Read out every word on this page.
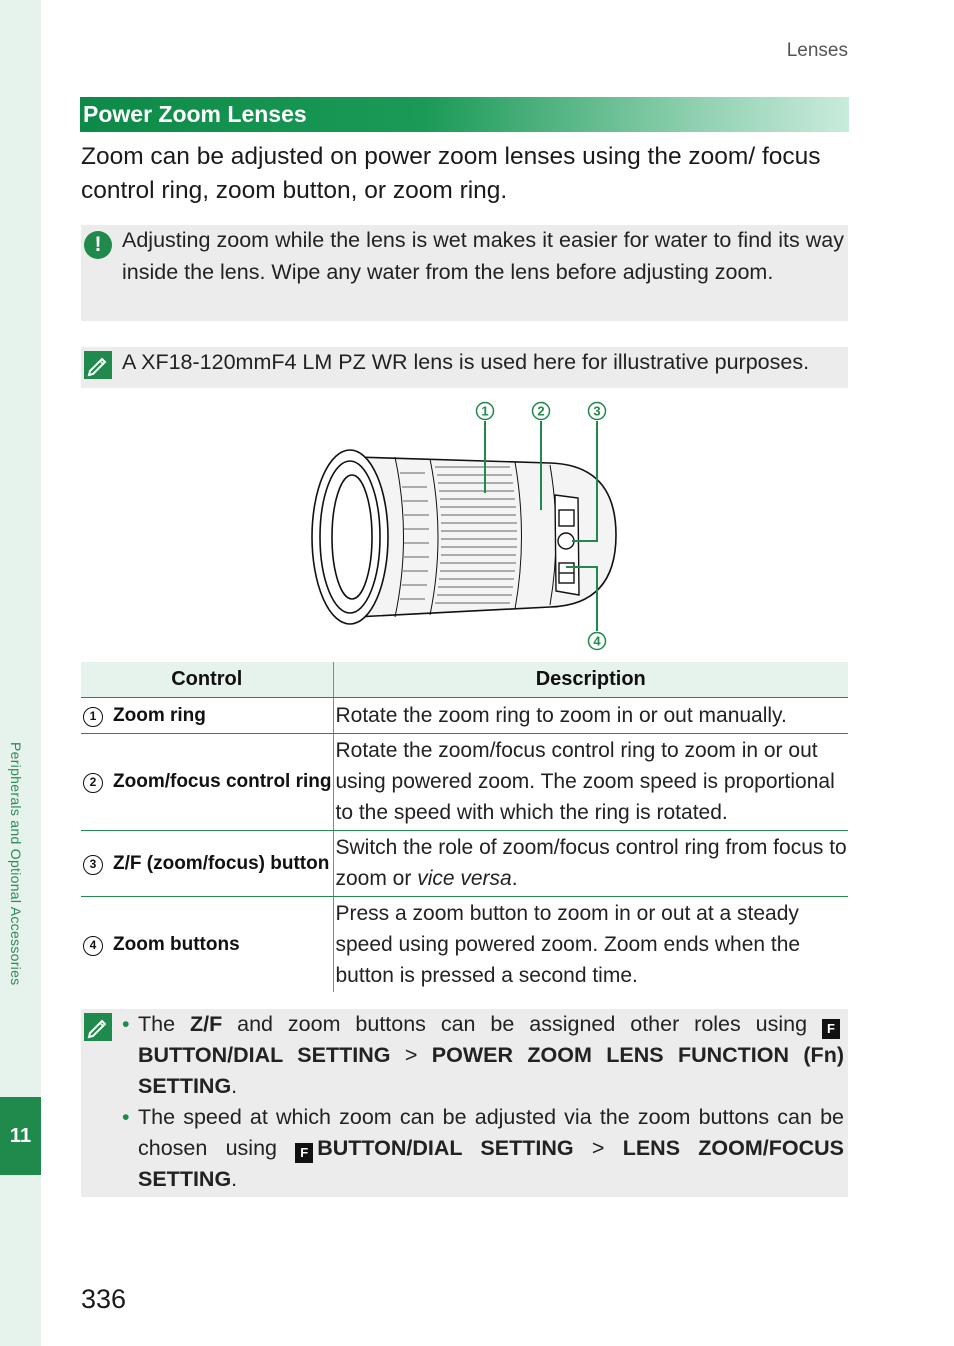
Peripherals and Optional Accessories
11
Lenses
Power Zoom Lenses

Zoom can be adjusted on power zoom lenses using the zoom/ focus control ring, zoom button, or zoom ring.

! Adjusting zoom while the lens is wet makes it easier for water to find its way inside the lens. Wipe any water from the lens before adjusting zoom.

A XF18-120mmF4 LM PZ WR lens is used here for illustrative purposes.

1	2	3
4
Control	Description
1 Zoom ring	Rotate the zoom ring to zoom in or out manually.
2 Zoom/focus control ring	Rotate the zoom/focus control ring to zoom in or out using powered zoom. The zoom speed is proportional to the speed with which the ring is rotated.
3 Z/F (zoom/focus) button	Switch the role of zoom/focus control ring from focus to zoom or vice versa.
4 Zoom buttons	Press a zoom button to zoom in or out at a steady speed using powered zoom. Zoom ends when the button is pressed a second time.
• The Z/F and zoom buttons can be assigned other roles using FBUTTON/DIAL SETTING > POWER ZOOM LENS FUNCTION (Fn) SETTING.
• The speed at which zoom can be adjusted via the zoom buttons can be chosen using F BUTTON/DIAL SETTING > LENS ZOOM/FOCUS SETTING.
336
